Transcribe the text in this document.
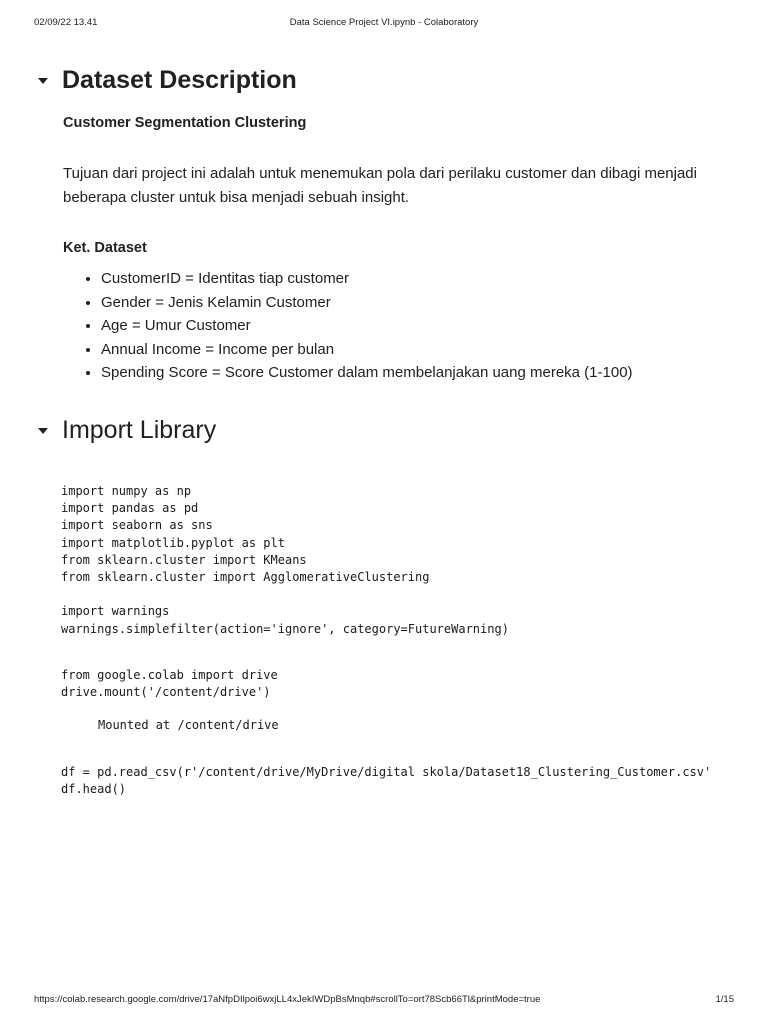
02/09/22 13.41	Data Science Project VI.ipynb - Colaboratory
Dataset Description
Customer Segmentation Clustering
Tujuan dari project ini adalah untuk menemukan pola dari perilaku customer dan dibagi menjadi beberapa cluster untuk bisa menjadi sebuah insight.
Ket. Dataset
• CustomerID = Identitas tiap customer
• Gender = Jenis Kelamin Customer
• Age = Umur Customer
• Annual Income = Income per bulan
• Spending Score = Score Customer dalam membelanjakan uang mereka (1-100)
Import Library
import numpy as np
import pandas as pd
import seaborn as sns
import matplotlib.pyplot as plt
from sklearn.cluster import KMeans
from sklearn.cluster import AgglomerativeClustering

import warnings
warnings.simplefilter(action='ignore', category=FutureWarning)
from google.colab import drive
drive.mount('/content/drive')
Mounted at /content/drive
df = pd.read_csv(r'/content/drive/MyDrive/digital skola/Dataset18_Clustering_Customer.csv'
df.head()
https://colab.research.google.com/drive/17aNfpDIlpoi6wxjLL4xJekIWDpBsMnqb#scrollTo=ort78Scb66Tl&printMode=true	1/15
